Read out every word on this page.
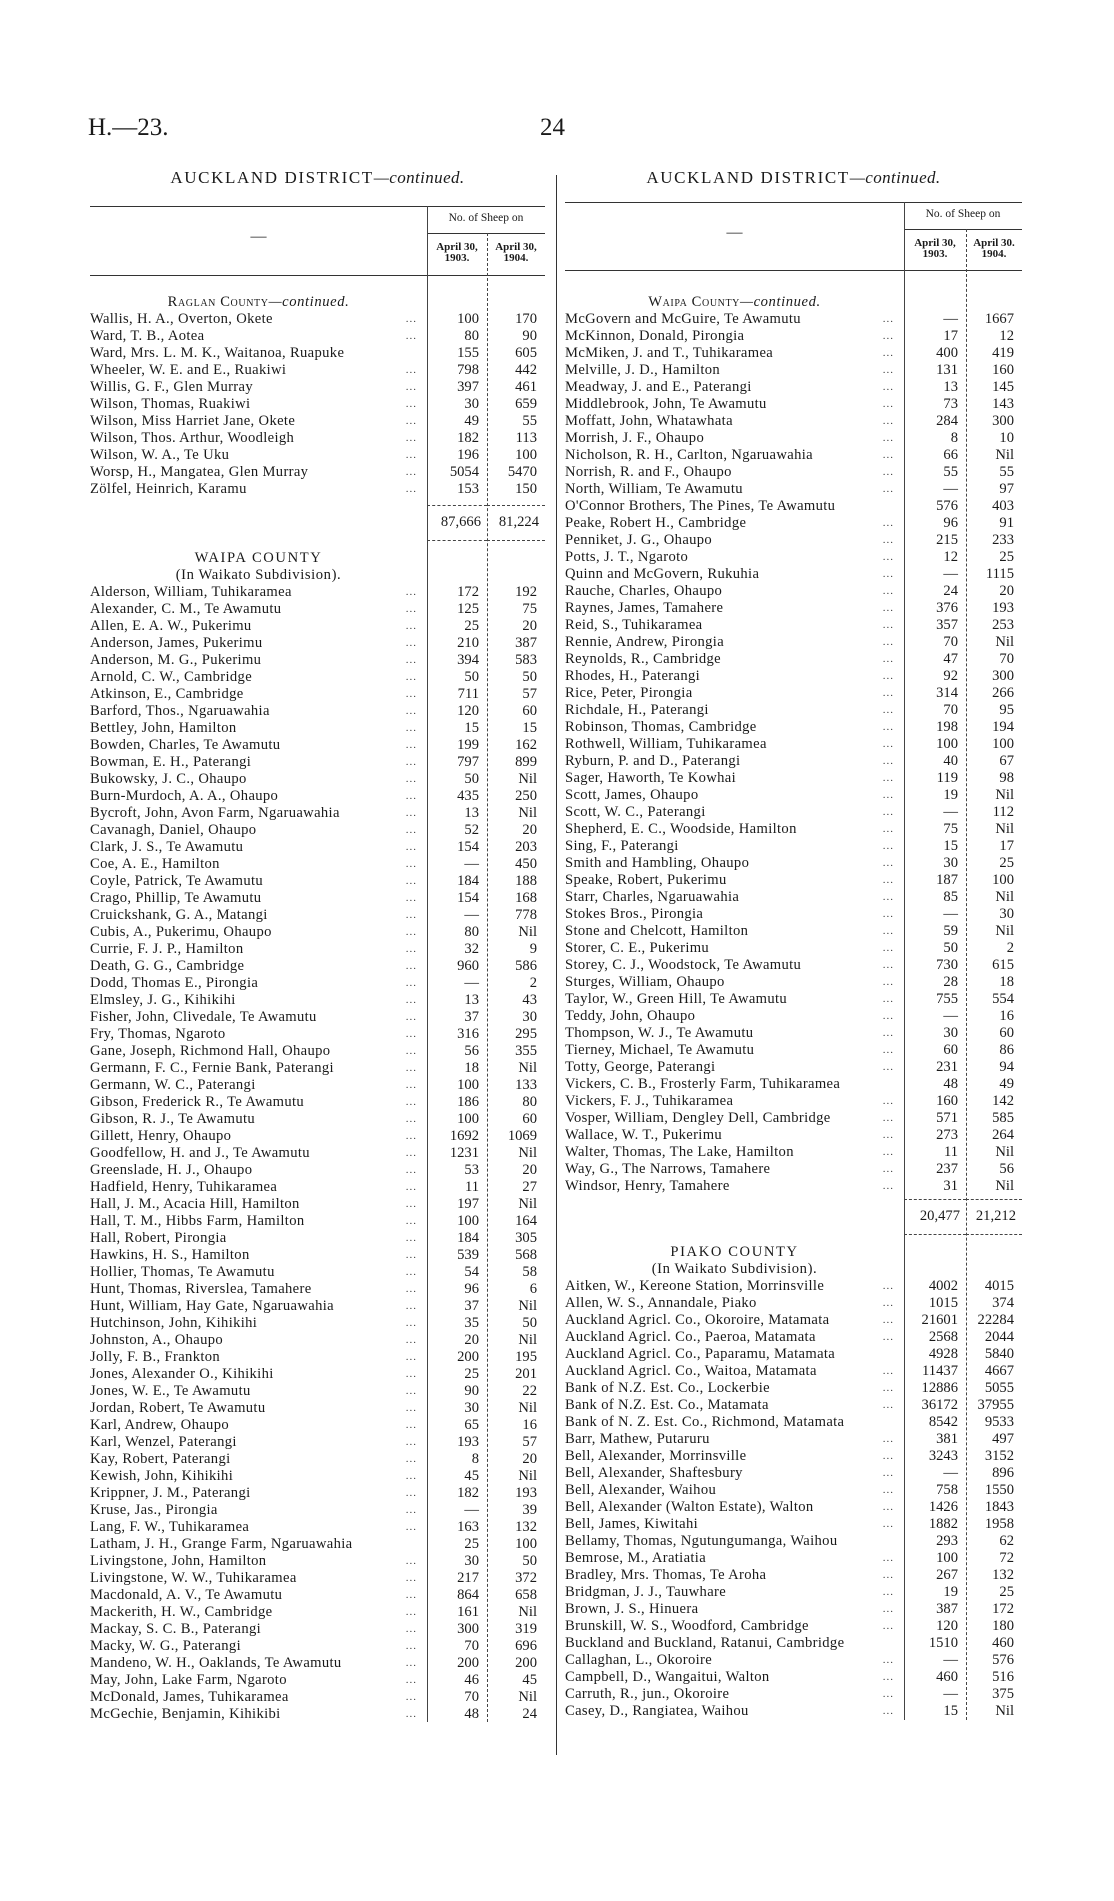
H.—23.	24
AUCKLAND DISTRICT—continued.
—
No. of Sheep on
April 30,
1903.
April 30,
1904.
Raglan County—continued.
Wallis, H. A., Overton, Okete	...	100	170
Ward, T. B., Aotea	...	80	90
Ward, Mrs. L. M. K., Waitanoa, Ruapuke	155	605
Wheeler, W. E. and E., Ruakiwi	...	798	442
Willis, G. F., Glen Murray	...	397	461
Wilson, Thomas, Ruakiwi	...	30	659
Wilson, Miss Harriet Jane, Okete	...	49	55
Wilson, Thos. Arthur, Woodleigh	...	182	113
Wilson, W. A., Te Uku	...	196	100
Worsp, H., Mangatea, Glen Murray	...	5054	5470
Zölfel, Heinrich, Karamu	...	153	150
87,666	81,224
WAIPA COUNTY
(In Waikato Subdivision).
Alderson, William, Tuhikaramea	...	172	192
Alexander, C. M., Te Awamutu	...	125	75
Allen, E. A. W., Pukerimu	...	25	20
Anderson, James, Pukerimu	...	210	387
Anderson, M. G., Pukerimu	...	394	583
Arnold, C. W., Cambridge	...	50	50
Atkinson, E., Cambridge	...	711	57
Barford, Thos., Ngaruawahia	...	120	60
Bettley, John, Hamilton	...	15	15
Bowden, Charles, Te Awamutu	...	199	162
Bowman, E. H., Paterangi	...	797	899
Bukowsky, J. C., Ohaupo	...	50	Nil
Burn-Murdoch, A. A., Ohaupo	...	435	250
Bycroft, John, Avon Farm, Ngaruawahia	...	13	Nil
Cavanagh, Daniel, Ohaupo	...	52	20
Clark, J. S., Te Awamutu	...	154	203
Coe, A. E., Hamilton	...	—	450
Coyle, Patrick, Te Awamutu	...	184	188
Crago, Phillip, Te Awamutu	...	154	168
Cruickshank, G. A., Matangi	...	—	778
Cubis, A., Pukerimu, Ohaupo	...	80	Nil
Currie, F. J. P., Hamilton	...	32	9
Death, G. G., Cambridge	...	960	586
Dodd, Thomas E., Pirongia	...	—	2
Elmsley, J. G., Kihikihi	...	13	43
Fisher, John, Clivedale, Te Awamutu	...	37	30
Fry, Thomas, Ngaroto	...	316	295
Gane, Joseph, Richmond Hall, Ohaupo	...	56	355
Germann, F. C., Fernie Bank, Paterangi	...	18	Nil
Germann, W. C., Paterangi	...	100	133
Gibson, Frederick R., Te Awamutu	...	186	80
Gibson, R. J., Te Awamutu	...	100	60
Gillett, Henry, Ohaupo	...	1692	1069
Goodfellow, H. and J., Te Awamutu	...	1231	Nil
Greenslade, H. J., Ohaupo	...	53	20
Hadfield, Henry, Tuhikaramea	...	11	27
Hall, J. M., Acacia Hill, Hamilton	...	197	Nil
Hall, T. M., Hibbs Farm, Hamilton	...	100	164
Hall, Robert, Pirongia	...	184	305
Hawkins, H. S., Hamilton	...	539	568
Hollier, Thomas, Te Awamutu	...	54	58
Hunt, Thomas, Riverslea, Tamahere	...	96	6
Hunt, William, Hay Gate, Ngaruawahia	...	37	Nil
Hutchinson, John, Kihikihi	...	35	50
Johnston, A., Ohaupo	...	20	Nil
Jolly, F. B., Frankton	...	200	195
Jones, Alexander O., Kihikihi	...	25	201
Jones, W. E., Te Awamutu	...	90	22
Jordan, Robert, Te Awamutu	...	30	Nil
Karl, Andrew, Ohaupo	...	65	16
Karl, Wenzel, Paterangi	...	193	57
Kay, Robert, Paterangi	...	8	20
Kewish, John, Kihikihi	...	45	Nil
Krippner, J. M., Paterangi	...	182	193
Kruse, Jas., Pirongia	...	—	39
Lang, F. W., Tuhikaramea	...	163	132
Latham, J. H., Grange Farm, Ngaruawahia	25	100
Livingstone, John, Hamilton	...	30	50
Livingstone, W. W., Tuhikaramea	...	217	372
Macdonald, A. V., Te Awamutu	...	864	658
Mackerith, H. W., Cambridge	...	161	Nil
Mackay, S. C. B., Paterangi	...	300	319
Macky, W. G., Paterangi	...	70	696
Mandeno, W. H., Oaklands, Te Awamutu	...	200	200
May, John, Lake Farm, Ngaroto	...	46	45
McDonald, James, Tuhikaramea	...	70	Nil
McGechie, Benjamin, Kihikibi	...	48	24
AUCKLAND DISTRICT—continued.
—
No. of Sheep on
April 30,
1903.
April 30.
1904.
Waipa County—continued.
McGovern and McGuire, Te Awamutu	...	—	1667
McKinnon, Donald, Pirongia	...	17	12
McMiken, J. and T., Tuhikaramea	...	400	419
Melville, J. D., Hamilton	...	131	160
Meadway, J. and E., Paterangi	...	13	145
Middlebrook, John, Te Awamutu	...	73	143
Moffatt, John, Whatawhata	...	284	300
Morrish, J. F., Ohaupo	...	8	10
Nicholson, R. H., Carlton, Ngaruawahia	...	66	Nil
Norrish, R. and F., Ohaupo	...	55	55
North, William, Te Awamutu	...	—	97
O'Connor Brothers, The Pines, Te Awamutu	576	403
Peake, Robert H., Cambridge	...	96	91
Penniket, J. G., Ohaupo	...	215	233
Potts, J. T., Ngaroto	...	12	25
Quinn and McGovern, Rukuhia	...	—	1115
Rauche, Charles, Ohaupo	...	24	20
Raynes, James, Tamahere	...	376	193
Reid, S., Tuhikaramea	...	357	253
Rennie, Andrew, Pirongia	...	70	Nil
Reynolds, R., Cambridge	...	47	70
Rhodes, H., Paterangi	...	92	300
Rice, Peter, Pirongia	...	314	266
Richdale, H., Paterangi	...	70	95
Robinson, Thomas, Cambridge	...	198	194
Rothwell, William, Tuhikaramea	...	100	100
Ryburn, P. and D., Paterangi	...	40	67
Sager, Haworth, Te Kowhai	...	119	98
Scott, James, Ohaupo	...	19	Nil
Scott, W. C., Paterangi	...	—	112
Shepherd, E. C., Woodside, Hamilton	...	75	Nil
Sing, F., Paterangi	...	15	17
Smith and Hambling, Ohaupo	...	30	25
Speake, Robert, Pukerimu	...	187	100
Starr, Charles, Ngaruawahia	...	85	Nil
Stokes Bros., Pirongia	...	—	30
Stone and Chelcott, Hamilton	...	59	Nil
Storer, C. E., Pukerimu	...	50	2
Storey, C. J., Woodstock, Te Awamutu	...	730	615
Sturges, William, Ohaupo	...	28	18
Taylor, W., Green Hill, Te Awamutu	...	755	554
Teddy, John, Ohaupo	...	—	16
Thompson, W. J., Te Awamutu	...	30	60
Tierney, Michael, Te Awamutu	...	60	86
Totty, George, Paterangi	...	231	94
Vickers, C. B., Frosterly Farm, Tuhikaramea	48	49
Vickers, F. J., Tuhikaramea	...	160	142
Vosper, William, Dengley Dell, Cambridge	...	571	585
Wallace, W. T., Pukerimu	...	273	264
Walter, Thomas, The Lake, Hamilton	...	11	Nil
Way, G., The Narrows, Tamahere	...	237	56
Windsor, Henry, Tamahere	...	31	Nil
20,477	21,212
PIAKO COUNTY
(In Waikato Subdivision).
Aitken, W., Kereone Station, Morrinsville	...	4002	4015
Allen, W. S., Annandale, Piako	...	1015	374
Auckland Agricl. Co., Okoroire, Matamata	...	21601	22284
Auckland Agricl. Co., Paeroa, Matamata	...	2568	2044
Auckland Agricl. Co., Paparamu, Matamata	4928	5840
Auckland Agricl. Co., Waitoa, Matamata	...	11437	4667
Bank of N.Z. Est. Co., Lockerbie	...	12886	5055
Bank of N.Z. Est. Co., Matamata	...	36172	37955
Bank of N. Z. Est. Co., Richmond, Matamata	8542	9533
Barr, Mathew, Putaruru	...	381	497
Bell, Alexander, Morrinsville	...	3243	3152
Bell, Alexander, Shaftesbury	...	—	896
Bell, Alexander, Waihou	...	758	1550
Bell, Alexander (Walton Estate), Walton	...	1426	1843
Bell, James, Kiwitahi	...	1882	1958
Bellamy, Thomas, Ngutungumanga, Waihou	293	62
Bemrose, M., Aratiatia	...	100	72
Bradley, Mrs. Thomas, Te Aroha	...	267	132
Bridgman, J. J., Tauwhare	...	19	25
Brown, J. S., Hinuera	...	387	172
Brunskill, W. S., Woodford, Cambridge	...	120	180
Buckland and Buckland, Ratanui, Cambridge	1510	460
Callaghan, L., Okoroire	...	—	576
Campbell, D., Wangaitui, Walton	...	460	516
Carruth, R., jun., Okoroire	...	—	375
Casey, D., Rangiatea, Waihou	...	15	Nil
